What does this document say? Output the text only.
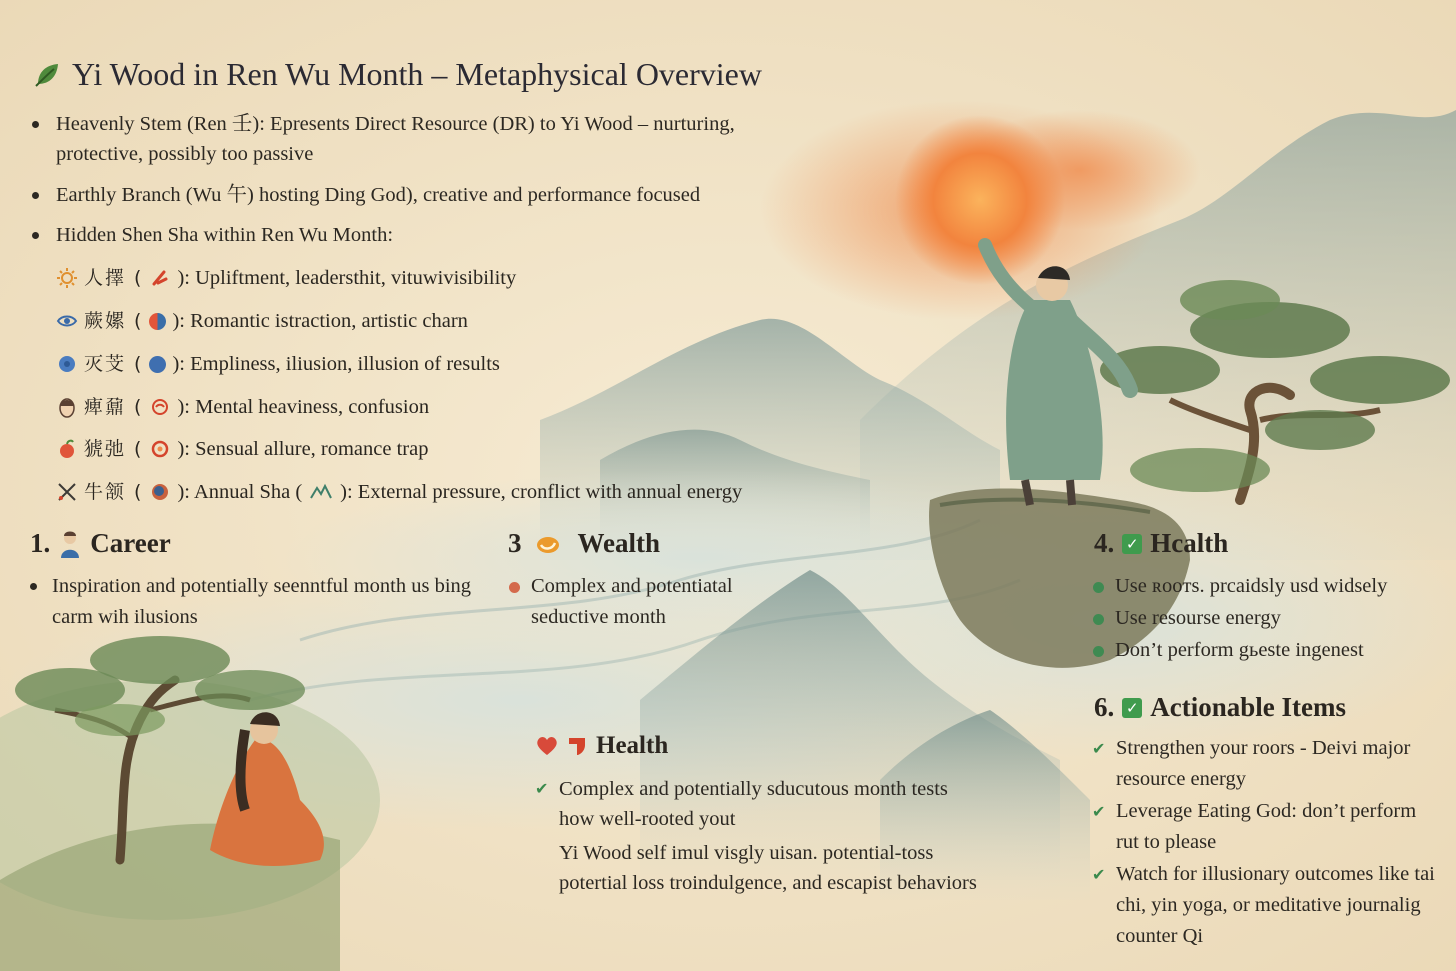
Yi Wood in Ren Wu Month – Metaphysical Overview
Heavenly Stem (Ren 壬): Epresents Direct Resource (DR) to Yi Wood – nurturing, protective, possibly too passive
Earthly Branch (Wu 午) hosting Ding God), creative and performance focused
Hidden Shen Sha within Ren Wu Month:
人擇 ( ): Upliftment, leadersthit, vituwivisibility
蕨嫘 ( ): Romantic istraction, artistic charn
灭芠 ( ): Empliness, iliusion, illusion of results
痺鼐 ( ): Mental heaviness, confusion
猇弛 ( ): Sensual allure, romance trap
牛颔 ( ): Annual Sha ( ): External pressure, cronflict with annual energy
1. Career
Inspiration and potentially seenntful month us bing carm wih ilusions
3 Wealth
Complex and potentiatal seductive month
4. ✓ Hcalth
Use ʀᴏᴏᴛs. prcaidsly usd widsely
Use resourse energy
Don’t perform gьeste ingenest
6. ✓ Actionable Items
✔ Strengthen your roors - Deivi major resource energy
✔ Leverage Eating God: don’t perform rut to please
✔ Watch for illusionary outcomes like tai chi, yin yoga, or meditative journalig counter Qi
Health
✔ Complex and potentially sducutous month tests how well-rooted yout
Yi Wood self imul visgly uisan. potential-toss potertial loss troindulgence, and escapist behaviors
